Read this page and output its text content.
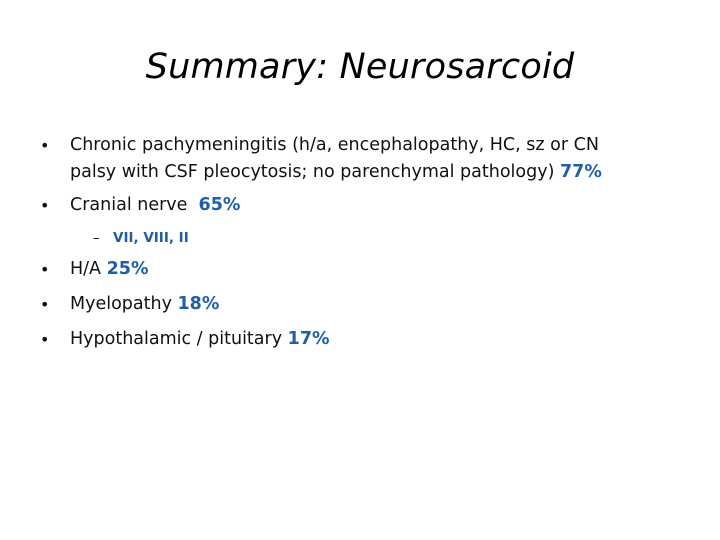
Summary: Neurosarcoid
• Chronic pachymeningitis (h/a, encephalopathy, HC, sz or CN
palsy with CSF pleocytosis; no parenchymal pathology) 77%
• Cranial nerve  65%
– VII, VIII, II
• H/A 25%
• Myelopathy 18%
• Hypothalamic / pituitary 17%
